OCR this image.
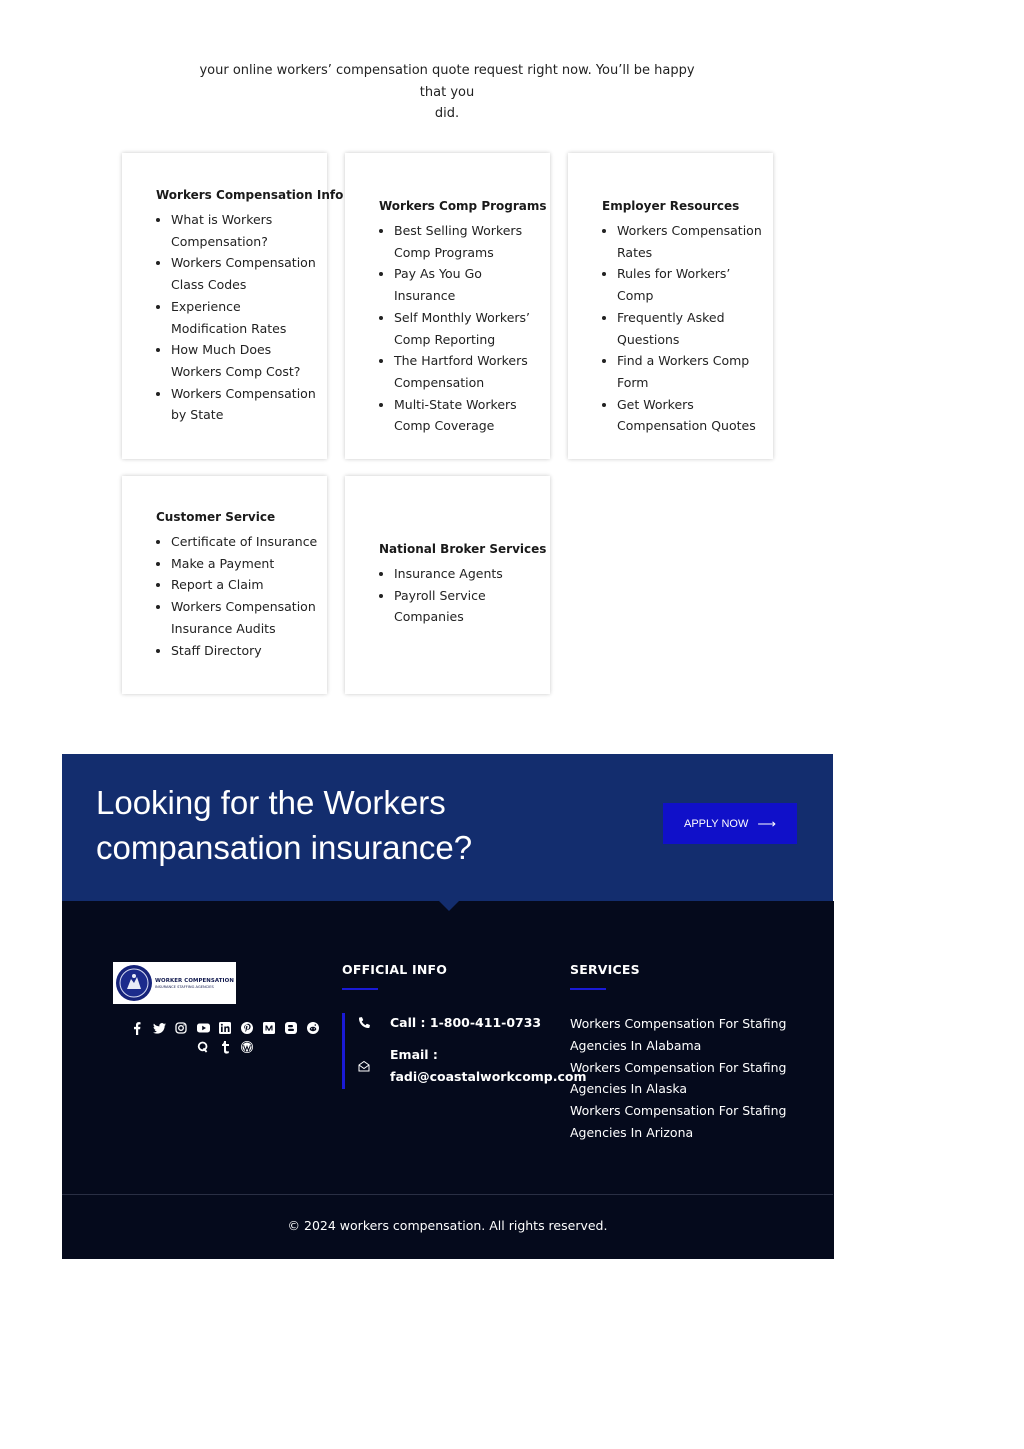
your online workers’ compensation quote request right now. You’ll be happy that you
did.
Workers Compensation Info
• What is Workers Compensation?
• Workers Compensation Class Codes
• Experience Modification Rates
• How Much Does Workers Comp Cost?
• Workers Compensation by State
Workers Comp Programs
• Best Selling Workers Comp Programs
• Pay As You Go Insurance
• Self Monthly Workers’ Comp Reporting
• The Hartford Workers Compensation
• Multi-State Workers Comp Coverage
Employer Resources
• Workers Compensation Rates
• Rules for Workers’ Comp
• Frequently Asked Questions
• Find a Workers Comp Form
• Get Workers Compensation Quotes
Customer Service
• Certificate of Insurance
• Make a Payment
• Report a Claim
• Workers Compensation Insurance Audits
• Staff Directory
National Broker Services
• Insurance Agents
• Payroll Service Companies
Looking for the Workers compansation insurance?
APPLY NOW ⟶
WORKER COMPENSATION
INSURANCE STAFFING AGENCIES
OFFICIAL INFO
Call : 1-800-411-0733
Email :
fadi@coastalworkcomp.com
SERVICES
Workers Compensation For Stafing Agencies In Alabama
Workers Compensation For Stafing Agencies In Alaska
Workers Compensation For Stafing Agencies In Arizona
© 2024 workers compensation. All rights reserved.
